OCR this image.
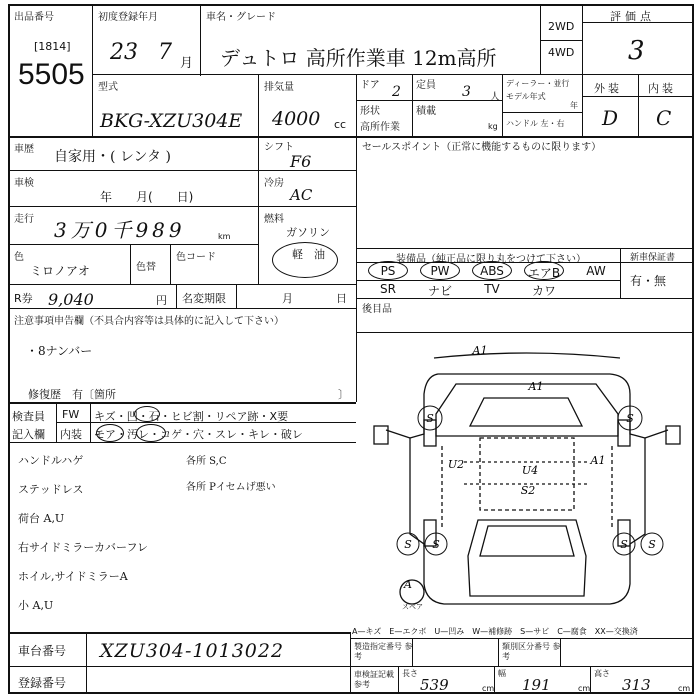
出品番号
[1814]
5505
初度登録年月
23 7 月
車名・グレード
デュトロ 高所作業車 12m高所
2WD
4WD
評価点
3
型式
BKG-XZU304E
排気量
4000 cc
ドア 2 定員 3 人
ディーラー・並行
モデル年式
年
ハンドル 左・右
形状
高所作業
積載
kg
外装 内装
D C
車歴 自家用・( レンタ )
車検
年　　月(　　日)
走行 3万0千989	km
色
ミロノアオ	色替
色コード
シフト
F6
冷房
AC
燃料
ガソリン
軽　油
R券 9,040	円 名変期限	月	日
セールスポイント（正常に機能するものに限ります）
装備品（純正品に限り丸をつけて下さい）	新車保証書
有・無
PS	PW	ABS	エアB	AW
SR	ナビ	TV	カワ
後目品
注意事項申告欄（不具合内容等は具体的に記入して下さい）
・8ナンバー
修復歴　有〔箇所	〕
検査員
記入欄
FW キズ・凹・石・ヒビ割・リペア跡・X要
内装 モア・汚レ・コゲ・穴・スレ・キレ・破レ
ハンドルハゲ
ステッドレス
荷台 A,U
右サイドミラーカバーフレ
ホイル,サイドミラーA
小 A,U
各所 S,C
各所 Pイセムげ悪い
A1
A1
S	S
U2	U4
A1
S2
S S	S S
A
スペア
A—キズ　E—エクボ　U—凹み　W—補修跡　S—サビ　C—腐食　XX—交換済
車台番号 XZU304-1013022
登録番号
製造指定番号 参考
類別区分番号 参考
車検証記載 参考
長さ
539	cm
幅
191	cm
高さ
313	cm
